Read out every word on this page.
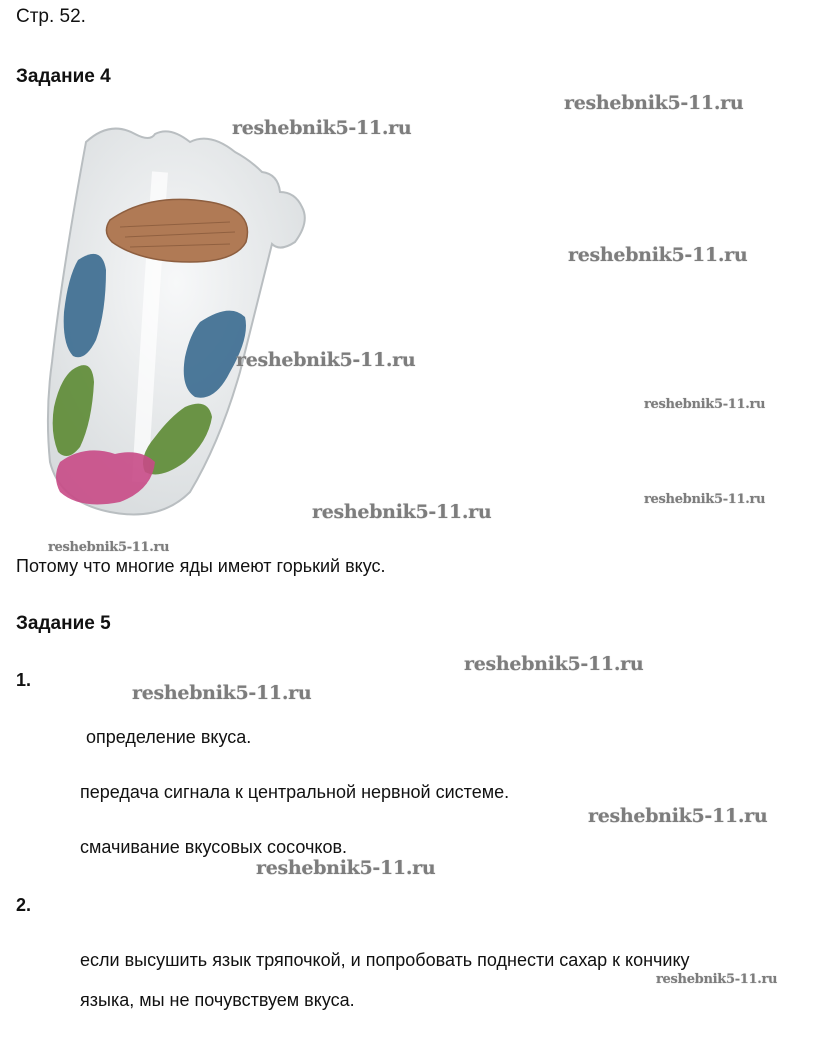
Стр. 52.
Задание 4
Потому что многие яды имеют горький вкус.
Задание 5
1.
определение вкуса.
передача сигнала к центральной нервной системе.
смачивание вкусовых сосочков.
2.
если высушить язык тряпочкой, и попробовать поднести сахар к кончику
языка, мы не почувствуем вкуса.
reshebnik5-11.ru
reshebnik5-11.ru
reshebnik5-11.ru
reshebnik5-11.ru
reshebnik5-11.ru
reshebnik5-11.ru
reshebnik5-11.ru
reshebnik5-11.ru
reshebnik5-11.ru
reshebnik5-11.ru
reshebnik5-11.ru
reshebnik5-11.ru
reshebnik5-11.ru
